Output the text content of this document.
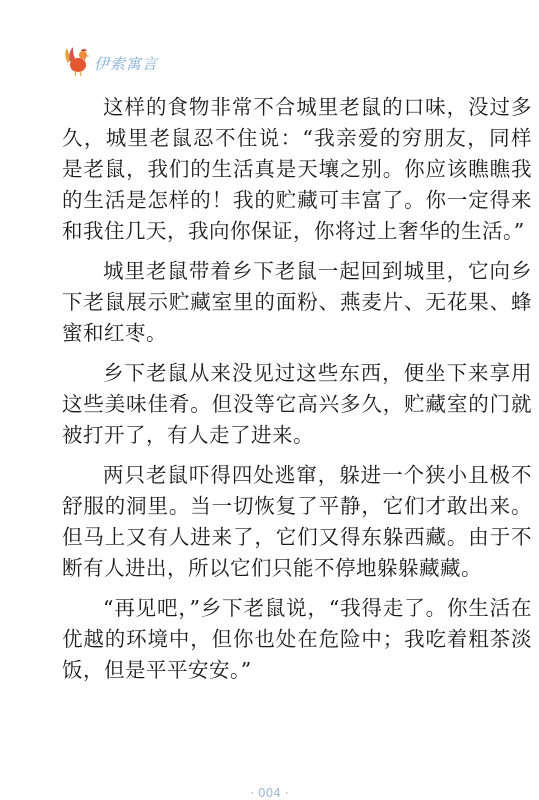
伊索寓言

这样的食物非常不合城里老鼠的口味，没过多久，城里老鼠忍不住说：“我亲爱的穷朋友，同样是老鼠，我们的生活真是天壤之别。你应该瞧瞧我的生活是怎样的！我的贮藏可丰富了。你一定得来和我住几天，我向你保证，你将过上奢华的生活。”

城里老鼠带着乡下老鼠一起回到城里，它向乡下老鼠展示贮藏室里的面粉、燕麦片、无花果、蜂蜜和红枣。

乡下老鼠从来没见过这些东西，便坐下来享用这些美味佳肴。但没等它高兴多久，贮藏室的门就被打开了，有人走了进来。

两只老鼠吓得四处逃窜，躲进一个狭小且极不舒服的洞里。当一切恢复了平静，它们才敢出来。但马上又有人进来了，它们又得东躲西藏。由于不断有人进出，所以它们只能不停地躲躲藏藏。

“再见吧，”乡下老鼠说，“我得走了。你生活在优越的环境中，但你也处在危险中；我吃着粗茶淡饭，但是平平安安。”

· 004 ·
